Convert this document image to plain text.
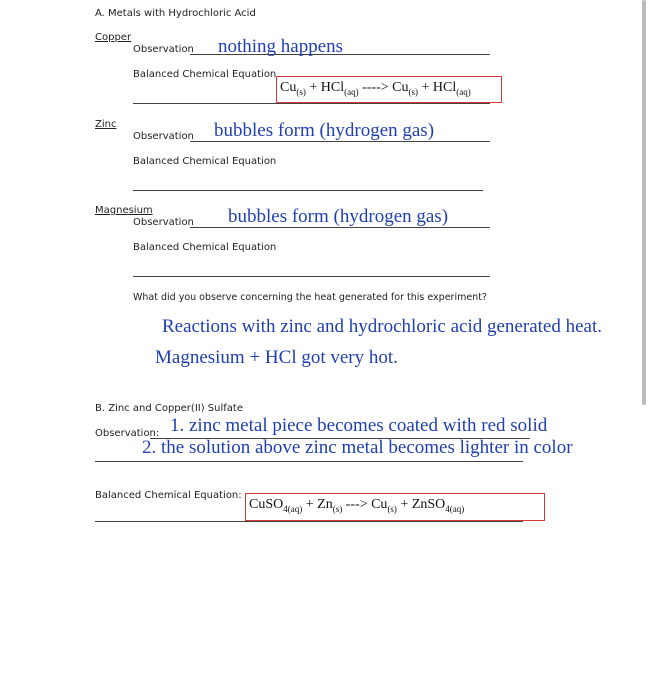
A. Metals with Hydrochloric Acid
Copper
Observation nothing happens
Balanced Chemical Equation
$Cu_{(s)} + HCl_{(aq)}$ ----> $Cu_{(s)} + HCl_{(aq)}$
Zinc
Observation bubbles form (hydrogen gas)
Balanced Chemical Equation
Magnesium
Observation bubbles form (hydrogen gas)
Balanced Chemical Equation
What did you observe concerning the heat generated for this experiment?
Reactions with zinc and hydrochloric acid generated heat.
Magnesium + HCl got very hot.
B. Zinc and Copper(II) Sulfate
Observation: 1. zinc metal piece becomes coated with red solid
2. the solution above zinc metal becomes lighter in color
Balanced Chemical Equation:
CuSO$_{4(aq)}$ + $Zn_{(s)}$ ---> $Cu_{(s)}$ + ZnSO$_{4(aq)}$
